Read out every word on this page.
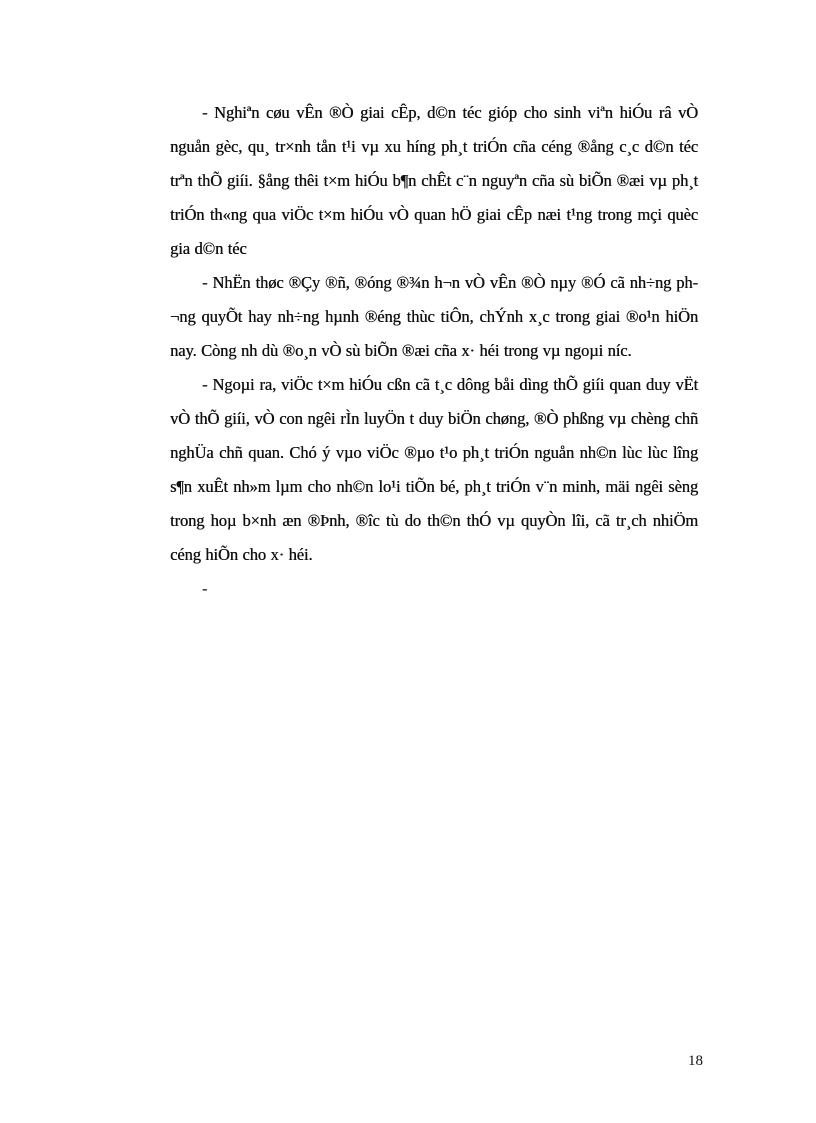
- Nghiªn cøu vÊn ®Ò giai cÊp, d©n téc gióp cho sinh viªn hiÓu râ vÒ nguån gèc, qu¸ tr×nh tån t¹i vµ xu híng ph¸t triÓn cña céng ®ång c¸c d©n téc trªn thÕ giíi. §ång thêi t×m hiÓu b¶n chÊt c¨n nguyªn cña sù biÕn ®æi vµ ph¸t triÓn th«ng qua viÖc t×m hiÓu vÒ quan hÖ giai cÊp næi t¹ng trong mçi quèc gia d©n téc

- NhËn thøc ®Çy ®ñ, ®óng ®¾n h¬n vÒ vÊn ®Ò nµy ®Ó cã nh÷ng ph¬ng quyÕt hay nh÷ng hµnh ®éng thùc tiÔn, chÝnh x¸c trong giai ®o¹n hiÖn nay. Còng nh dù ®o¸n vÒ sù biÕn ®æi cña x· héi trong vµ ngoµi níc.

- Ngoµi ra, viÖc t×m hiÓu cßn cã t¸c dông båi dìng thÕ giíi quan duy vËt vÒ thÕ giíi, vÒ con ngêi rÌn luyÖn t duy biÖn chøng, ®Ò phßng vµ chèng chñ nghÜa chñ quan. Chó ý vµo viÖc ®µo t¹o ph¸t triÓn nguån nh©n lùc lùc lîng s¶n xuÊt nh»m lµm cho nh©n lo¹i tiÕn bé, ph¸t triÓn v¨n minh, mäi ngêi sèng trong hoµ b×nh æn ®Þnh, ®îc tù do th©n thÓ vµ quyÒn lîi, cã tr¸ch nhiÖm céng hiÕn cho x· héi.

-

18
